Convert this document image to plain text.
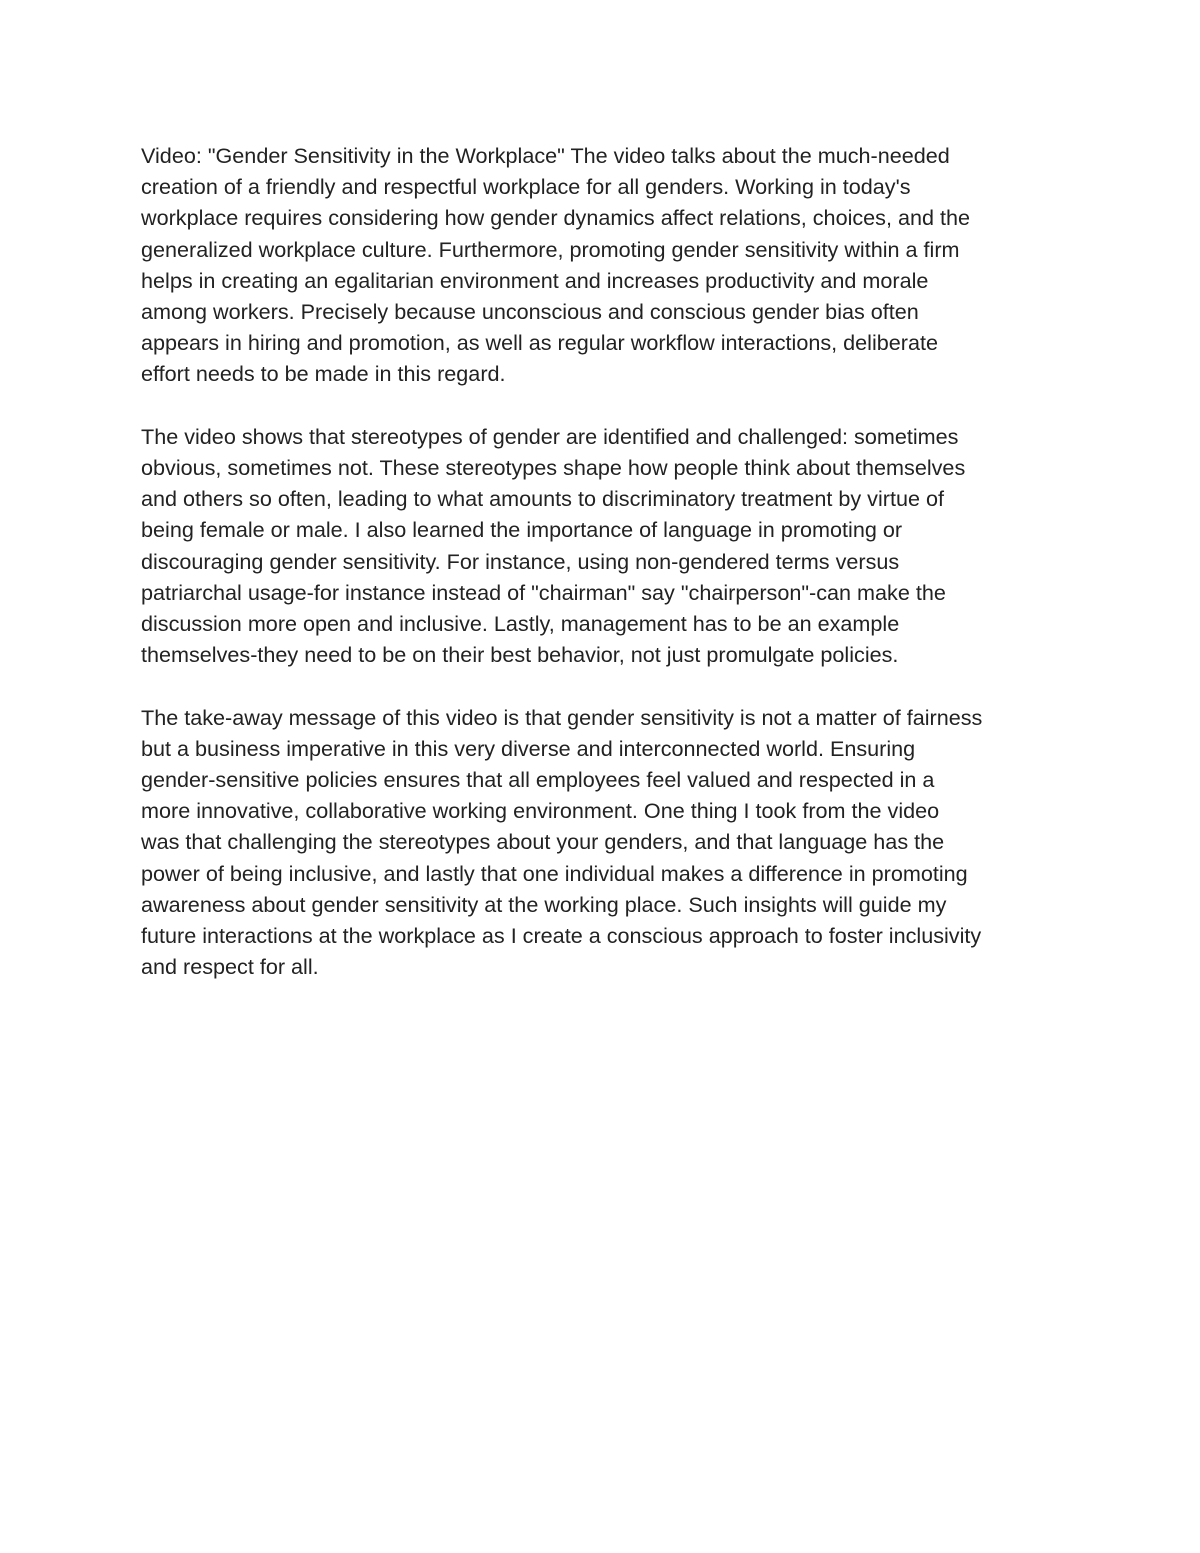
Video: "Gender Sensitivity in the Workplace" The video talks about the much-needed
creation of a friendly and respectful workplace for all genders. Working in today's
workplace requires considering how gender dynamics affect relations, choices, and the
generalized workplace culture. Furthermore, promoting gender sensitivity within a firm
helps in creating an egalitarian environment and increases productivity and morale
among workers. Precisely because unconscious and conscious gender bias often
appears in hiring and promotion, as well as regular workflow interactions, deliberate
effort needs to be made in this regard.

The video shows that stereotypes of gender are identified and challenged: sometimes
obvious, sometimes not. These stereotypes shape how people think about themselves
and others so often, leading to what amounts to discriminatory treatment by virtue of
being female or male. I also learned the importance of language in promoting or
discouraging gender sensitivity. For instance, using non-gendered terms versus
patriarchal usage-for instance instead of "chairman" say "chairperson"-can make the
discussion more open and inclusive. Lastly, management has to be an example
themselves-they need to be on their best behavior, not just promulgate policies.

The take-away message of this video is that gender sensitivity is not a matter of fairness
but a business imperative in this very diverse and interconnected world. Ensuring
gender-sensitive policies ensures that all employees feel valued and respected in a
more innovative, collaborative working environment. One thing I took from the video
was that challenging the stereotypes about your genders, and that language has the
power of being inclusive, and lastly that one individual makes a difference in promoting
awareness about gender sensitivity at the working place. Such insights will guide my
future interactions at the workplace as I create a conscious approach to foster inclusivity
and respect for all.
